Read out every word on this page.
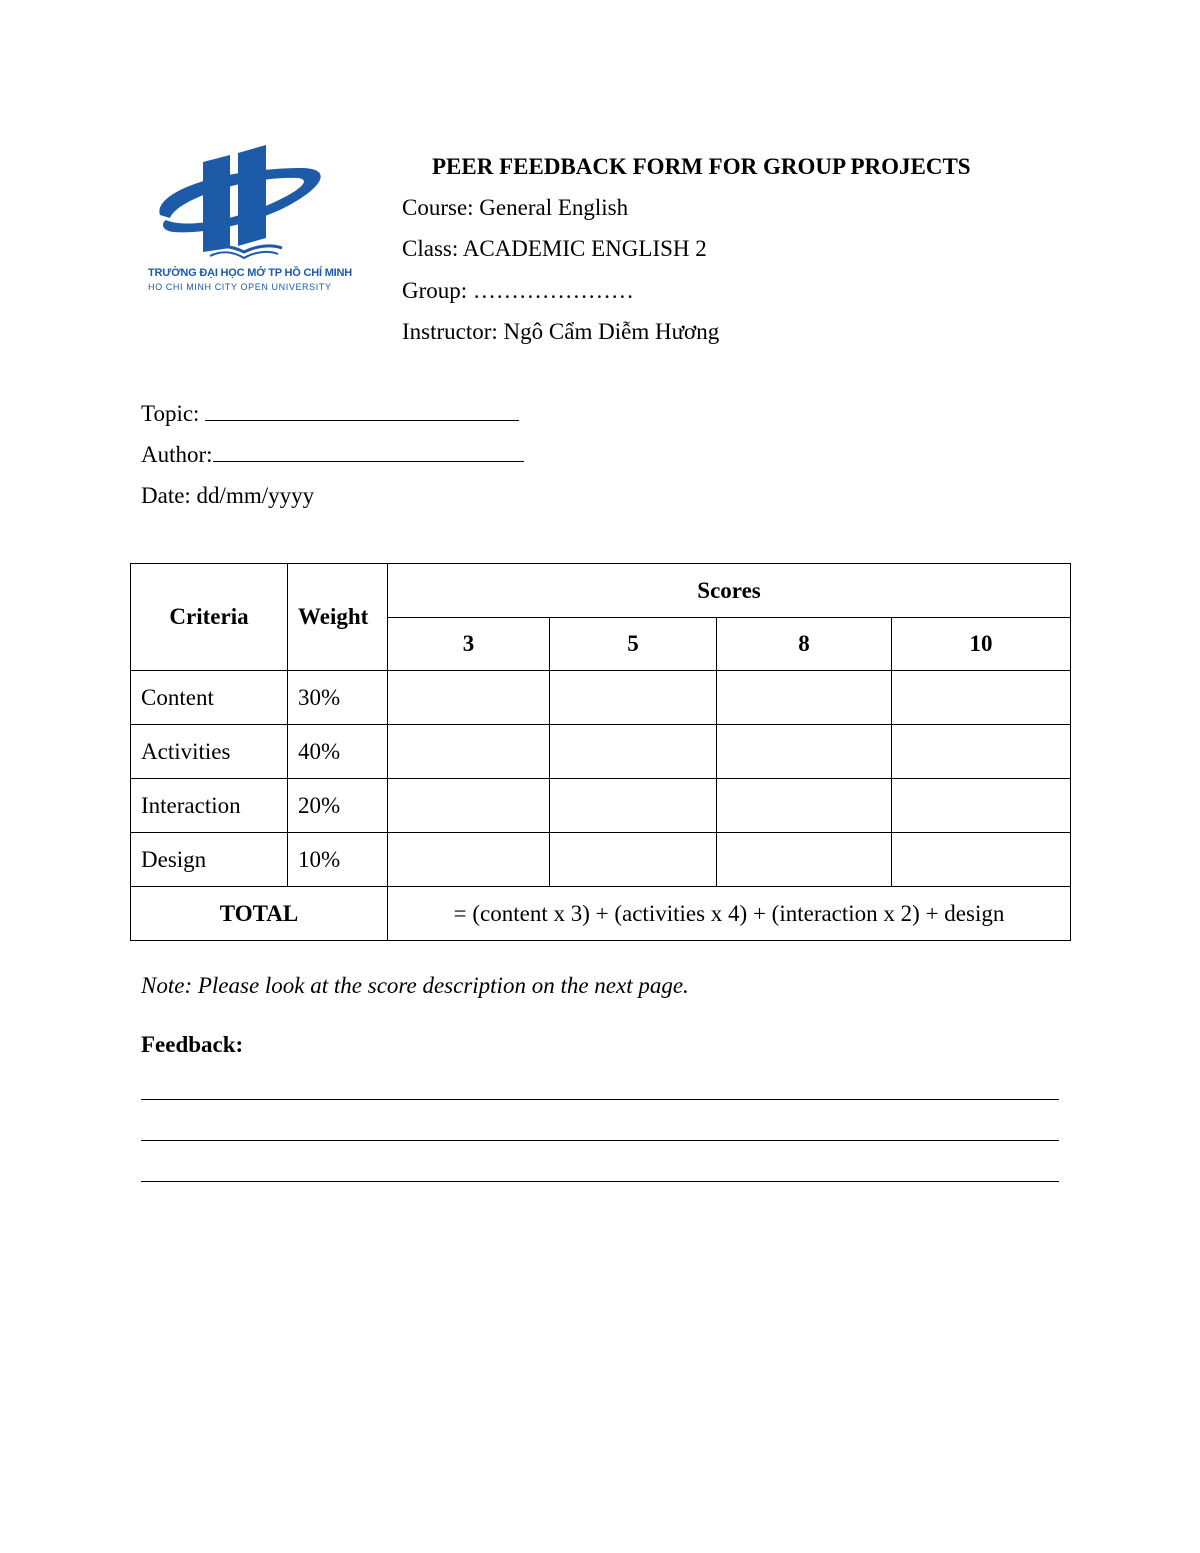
TRƯỜNG ĐẠI HỌC MỞ TP HỒ CHÍ MINH
HO CHI MINH CITY OPEN UNIVERSITY
PEER FEEDBACK FORM FOR GROUP PROJECTS
Course: General English
Class: ACADEMIC ENGLISH 2
Group: …………………
Instructor: Ngô Cẩm Diễm Hương
Topic:
Author:
Date: dd/mm/yyyy
Criteria	Weight	Scores			
		3	5	8	10
Content	30%				
Activities	40%				
Interaction	20%				
Design	10%				
TOTAL		= (content x 3) + (activities x 4) + (interaction x 2) + design			
Note: Please look at the score description on the next page.
Feedback:
